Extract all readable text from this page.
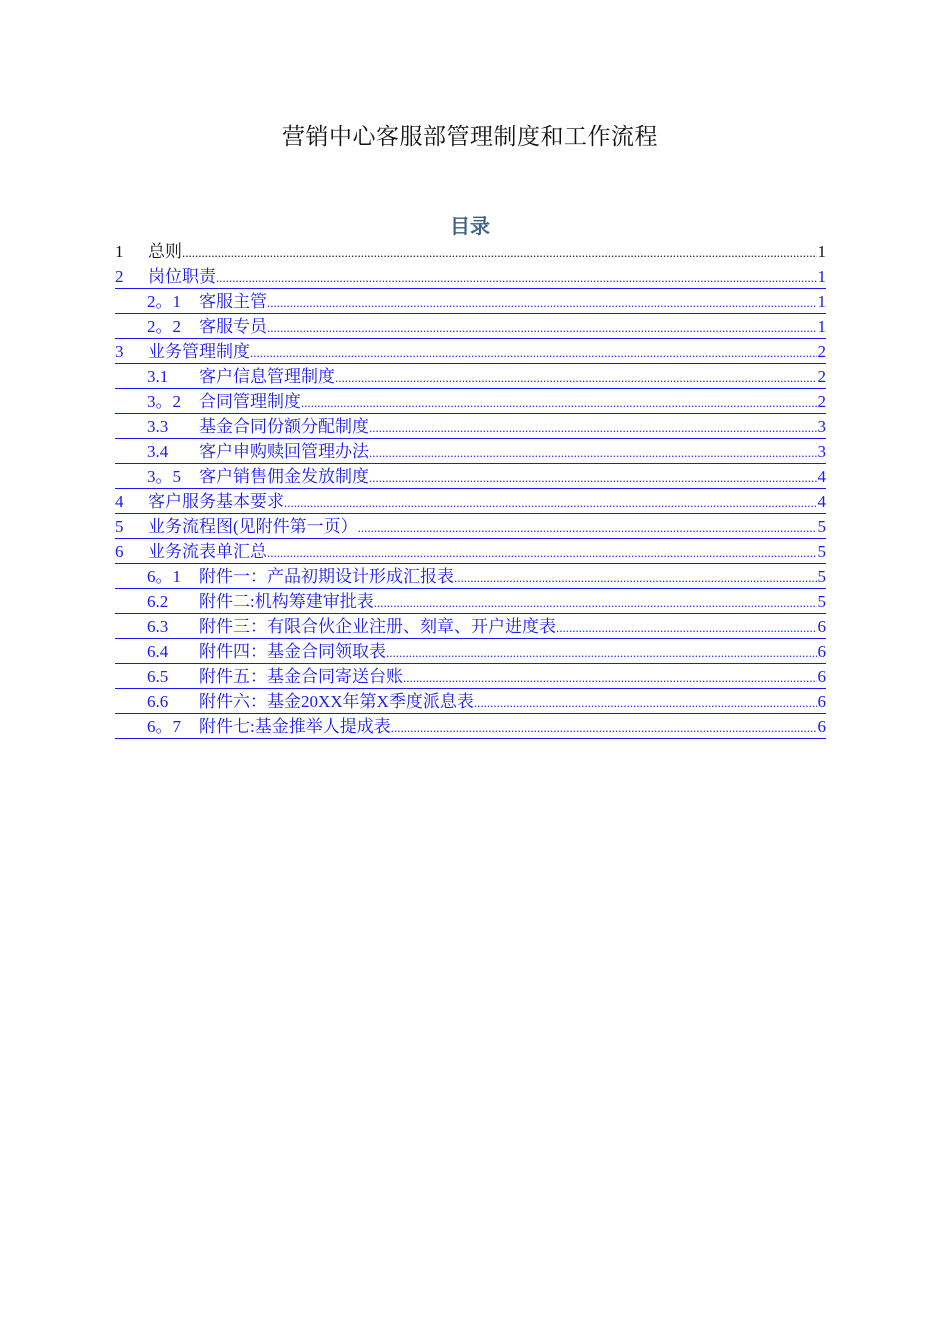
营销中心客服部管理制度和工作流程
目录
1	总则 .....	1
2	岗位职责 .....	1
2。1	客服主管 .....	1
2。2	客服专员 .....	1
3	业务管理制度 .....	2
3.1	客户信息管理制度 .....	2
3。2	合同管理制度 .....	2
3.3	基金合同份额分配制度 .....	3
3.4	客户申购赎回管理办法 .....	3
3。5	客户销售佣金发放制度 .....	4
4	客户服务基本要求 .....	4
5	业务流程图(见附件第一页） .....	5
6	业务流表单汇总 .....	5
6。1	附件一：产品初期设计形成汇报表 .....	5
6.2	附件二:机构筹建审批表 .....	5
6.3	附件三：有限合伙企业注册、刻章、开户进度表 .....	6
6.4	附件四：基金合同领取表 .....	6
6.5	附件五：基金合同寄送台账 .....	6
6.6	附件六：基金20XX年第X季度派息表 .....	6
6。7	附件七:基金推举人提成表 .....	6
